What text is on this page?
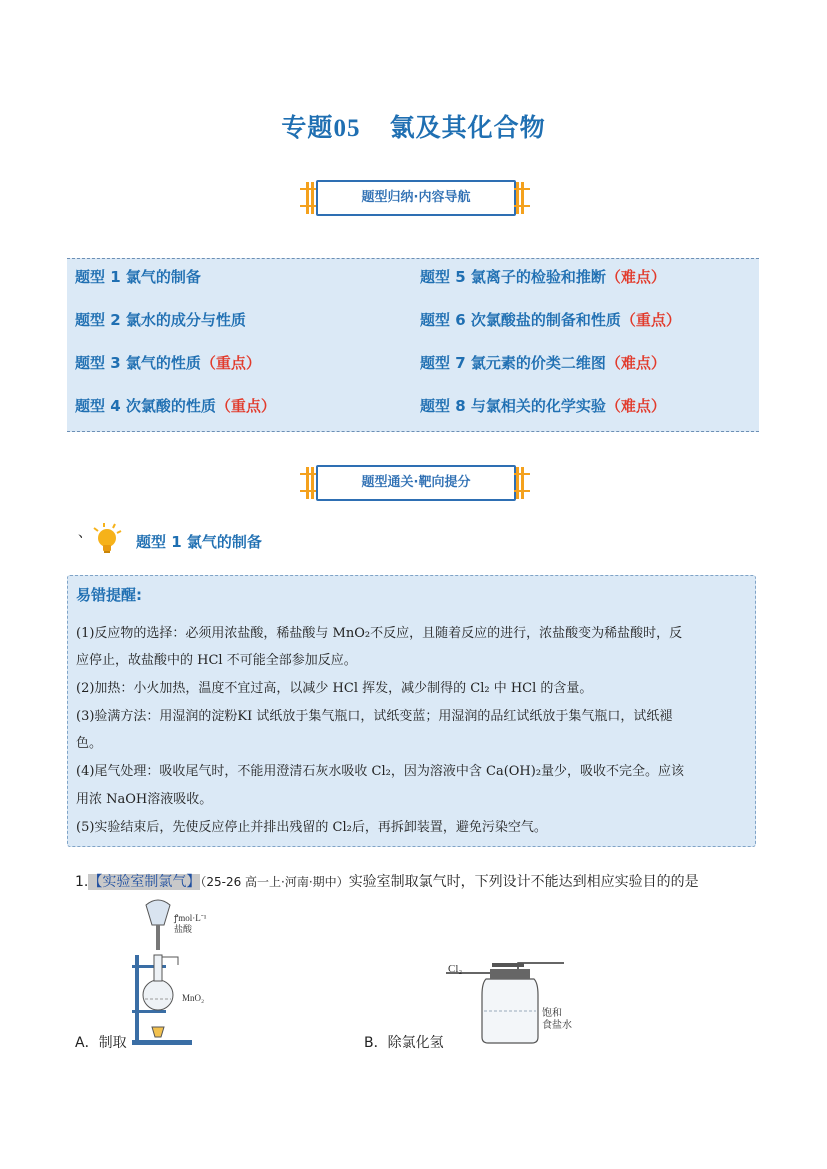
专题05 氯及其化合物
题型归纳·内容导航
题型 1 氯气的制备
题型 2 氯水的成分与性质
题型 3 氯气的性质（重点）
题型 4 次氯酸的性质（重点）
题型 5 氯离子的检验和推断（难点）
题型 6 次氯酸盐的制备和性质（重点）
题型 7 氯元素的价类二维图（难点）
题型 8 与氯相关的化学实验（难点）
题型通关·靶向提分
、	题型 1 氯气的制备
易错提醒:
(1)反应物的选择：必须用浓盐酸，稀盐酸与 MnO₂不反应，且随着反应的进行，浓盐酸变为稀盐酸时，反
应停止，故盐酸中的 HCl 不可能全部参加反应。
(2)加热：小火加热，温度不宜过高，以减少 HCl 挥发，减少制得的 Cl₂ 中 HCl 的含量。
(3)验满方法：用湿润的淀粉KI 试纸放于集气瓶口，试纸变蓝；用湿润的品红试纸放于集气瓶口，试纸褪
色。
(4)尾气处理：吸收尾气时，不能用澄清石灰水吸收 Cl₂，因为溶液中含 Ca(OH)₂量少，吸收不完全。应该
用浓 NaOH溶液吸收。
(5)实验结束后，先使反应停止并排出残留的 Cl₂后，再拆卸装置，避免污染空气。
1.【实验室制氯气】（25-26 高一上·河南·期中）实验室制取氯气时，下列设计不能达到相应实验目的的是
ꝭmol·L⁻¹
盐酸
MnO₂
A．制取
Cl₂
饱和
食盐水
B．除氯化氢
